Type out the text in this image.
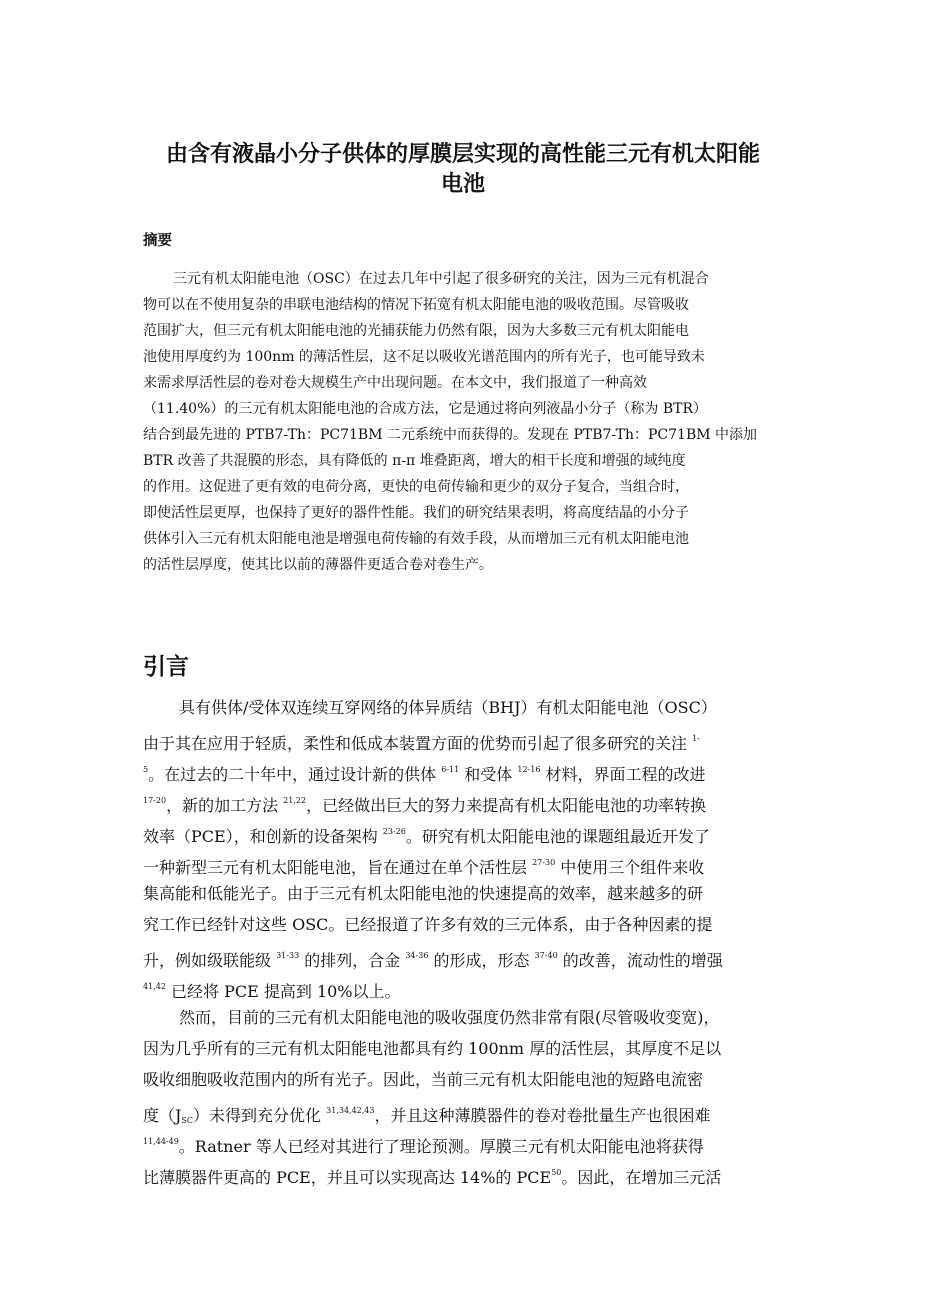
由含有液晶小分子供体的厚膜层实现的高性能三元有机太阳能
电池
摘要
三元有机太阳能电池（OSC）在过去几年中引起了很多研究的关注，因为三元有机混合
物可以在不使用复杂的串联电池结构的情况下拓宽有机太阳能电池的吸收范围。尽管吸收
范围扩大，但三元有机太阳能电池的光捕获能力仍然有限，因为大多数三元有机太阳能电
池使用厚度约为 100nm 的薄活性层，这不足以吸收光谱范围内的所有光子，也可能导致未
来需求厚活性层的卷对卷大规模生产中出现问题。在本文中，我们报道了一种高效
（11.40%）的三元有机太阳能电池的合成方法，它是通过将向列液晶小分子（称为 BTR）
结合到最先进的 PTB7-Th：PC71BM 二元系统中而获得的。发现在 PTB7-Th：PC71BM 中添加
BTR 改善了共混膜的形态，具有降低的 π-π 堆叠距离，增大的相干长度和增强的域纯度
的作用。这促进了更有效的电荷分离，更快的电荷传输和更少的双分子复合，当组合时，
即使活性层更厚，也保持了更好的器件性能。我们的研究结果表明，将高度结晶的小分子
供体引入三元有机太阳能电池是增强电荷传输的有效手段，从而增加三元有机太阳能电池
的活性层厚度，使其比以前的薄器件更适合卷对卷生产。
引言
具有供体/受体双连续互穿网络的体异质结（BHJ）有机太阳能电池（OSC）
由于其在应用于轻质，柔性和低成本装置方面的优势而引起了很多研究的关注 $^{1-}$
$^5$。在过去的二十年中，通过设计新的供体 $^{6-11}$ 和受体 $^{12-16}$ 材料，界面工程的改进
$^{17-20}$，新的加工方法 $^{21,22}$，已经做出巨大的努力来提高有机太阳能电池的功率转换
效率（PCE），和创新的设备架构 $^{23-26}$。研究有机太阳能电池的课题组最近开发了
一种新型三元有机太阳能电池，旨在通过在单个活性层 $^{27-30}$ 中使用三个组件来收
集高能和低能光子。由于三元有机太阳能电池的快速提高的效率，越来越多的研
究工作已经针对这些 OSC。已经报道了许多有效的三元体系，由于各种因素的提
升，例如级联能级 $^{31-33}$ 的排列，合金 $^{34-36}$ 的形成，形态 $^{37-40}$ 的改善，流动性的增强
$^{41,42}$ 已经将 PCE 提高到 10%以上。
然而，目前的三元有机太阳能电池的吸收强度仍然非常有限(尽管吸收变宽)，
因为几乎所有的三元有机太阳能电池都具有约 100nm 厚的活性层，其厚度不足以
吸收细胞吸收范围内的所有光子。因此，当前三元有机太阳能电池的短路电流密
度$(J_{SC})$未得到充分优化 $^{31,34,42,43}$，并且这种薄膜器件的卷对卷批量生产也很困难
$^{11,44-49}$。Ratner 等人已经对其进行了理论预测。厚膜三元有机太阳能电池将获得
比薄膜器件更高的 PCE，并且可以实现高达 14%的 PCE$^{50}$。因此，在增加三元活
